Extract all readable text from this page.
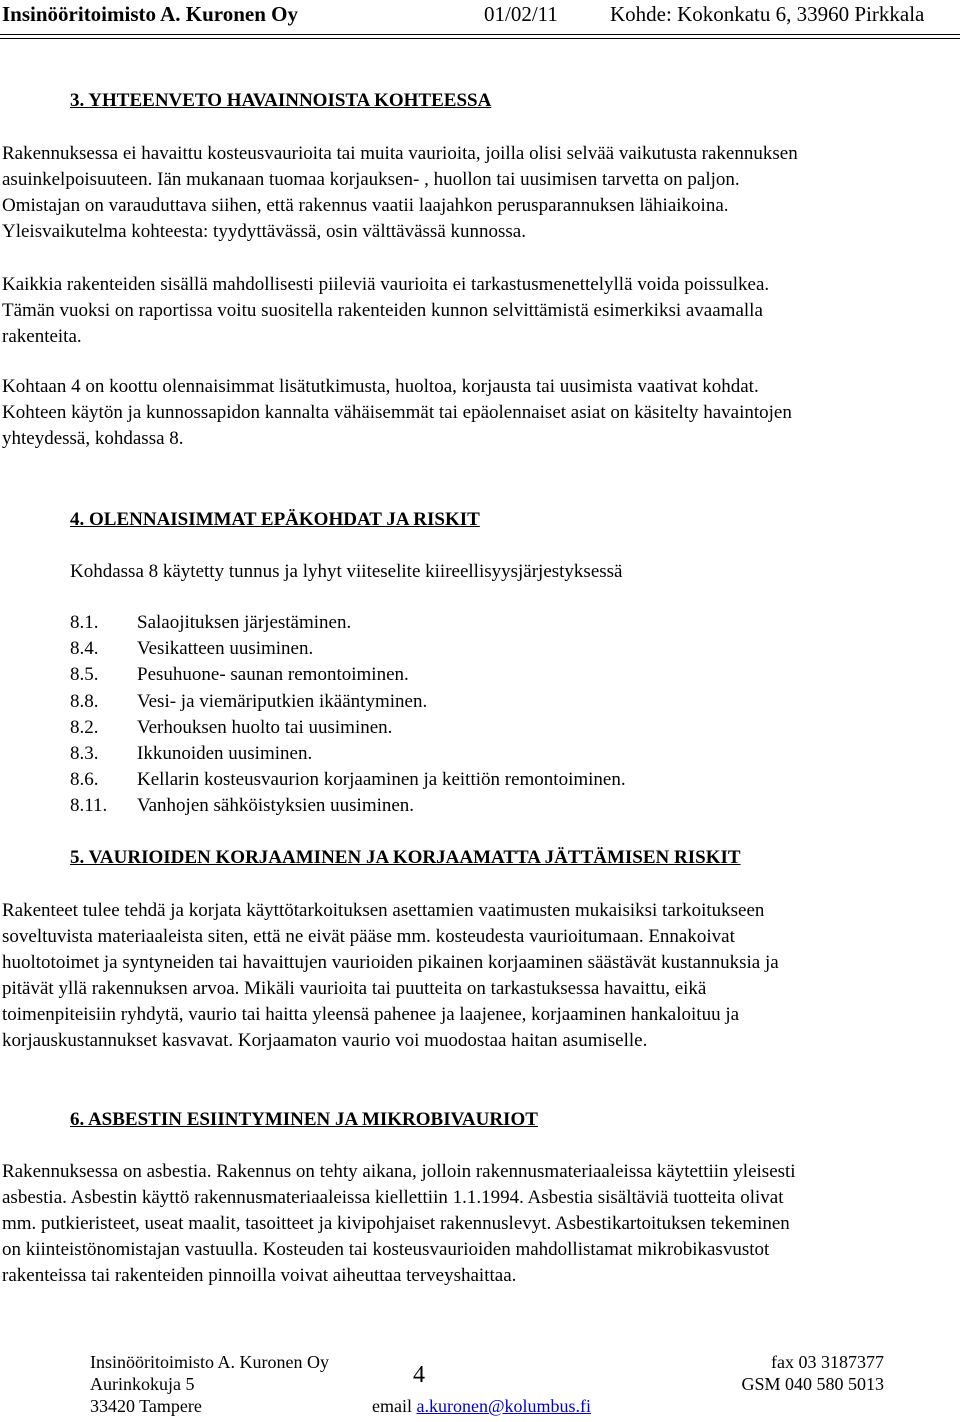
Insinööritoimisto A. Kuronen Oy	01/02/11 Kohde: Kokonkatu 6, 33960 Pirkkala
3. YHTEENVETO HAVAINNOISTA KOHTEESSA
Rakennuksessa ei havaittu kosteusvaurioita tai muita vaurioita, joilla olisi selvää vaikutusta rakennuksen
asuinkelpoisuuteen. Iän mukanaan tuomaa korjauksen- , huollon tai uusimisen tarvetta on paljon.
Omistajan on varauduttava siihen, että rakennus vaatii laajahkon perusparannuksen lähiaikoina.
Yleisvaikutelma kohteesta: tyydyttävässä, osin välttävässä kunnossa.
Kaikkia rakenteiden sisällä mahdollisesti piileviä vaurioita ei tarkastusmenettelyllä voida poissulkea.
Tämän vuoksi on raportissa voitu suositella rakenteiden kunnon selvittämistä esimerkiksi avaamalla
rakenteita.
Kohtaan 4 on koottu olennaisimmat lisätutkimusta, huoltoa, korjausta tai uusimista vaativat kohdat.
Kohteen käytön ja kunnossapidon kannalta vähäisemmät tai epäolennaiset asiat on käsitelty havaintojen
yhteydessä, kohdassa 8.
4. OLENNAISIMMAT EPÄKOHDAT JA RISKIT
Kohdassa 8 käytetty tunnus ja lyhyt viiteselite kiireellisyysjärjestyksessä
8.1. Salaojituksen järjestäminen.
8.4. Vesikatteen uusiminen.
8.5. Pesuhuone- saunan remontoiminen.
8.8. Vesi- ja viemäriputkien ikääntyminen.
8.2. Verhouksen huolto tai uusiminen.
8.3. Ikkunoiden uusiminen.
8.6. Kellarin kosteusvaurion korjaaminen ja keittiön remontoiminen.
8.11. Vanhojen sähköistyksien uusiminen.
5. VAURIOIDEN KORJAAMINEN JA KORJAAMATTA JÄTTÄMISEN RISKIT
Rakenteet tulee tehdä ja korjata käyttötarkoituksen asettamien vaatimusten mukaisiksi tarkoitukseen
soveltuvista materiaaleista siten, että ne eivät pääse mm. kosteudesta vaurioitumaan. Ennakoivat
huoltotoimet ja syntyneiden tai havaittujen vaurioiden pikainen korjaaminen säästävät kustannuksia ja
pitävät yllä rakennuksen arvoa. Mikäli vaurioita tai puutteita on tarkastuksessa havaittu, eikä
toimenpiteisiin ryhdytä, vaurio tai haitta yleensä pahenee ja laajenee, korjaaminen hankaloituu ja
korjauskustannukset kasvavat. Korjaamaton vaurio voi muodostaa haitan asumiselle.
6. ASBESTIN ESIINTYMINEN JA MIKROBIVAURIOT
Rakennuksessa on asbestia. Rakennus on tehty aikana, jolloin rakennusmateriaaleissa käytettiin yleisesti
asbestia. Asbestin käyttö rakennusmateriaaleissa kiellettiin 1.1.1994. Asbestia sisältäviä tuotteita olivat
mm. putkieristeet, useat maalit, tasoitteet ja kivipohjaiset rakennuslevyt. Asbestikartoituksen tekeminen
on kiinteistönomistajan vastuulla. Kosteuden tai kosteusvaurioiden mahdollistamat mikrobikasvustot
rakenteissa tai rakenteiden pinnoilla voivat aiheuttaa terveyshaittaa.
Insinööritoimisto A. Kuronen Oy
Aurinkokuja 5
33420 Tampere
4
email a.kuronen@kolumbus.fi
fax 03 3187377
GSM 040 580 5013
